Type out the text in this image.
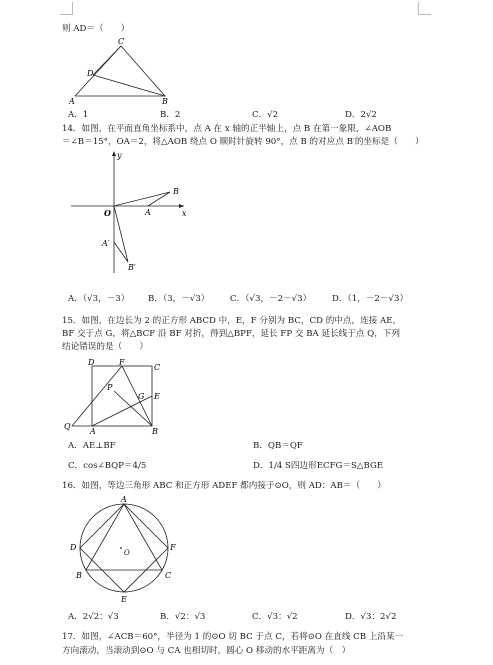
则 AD＝（　　）
C
D
A	B
A．1	B．2	C．√2	D．2√2
14．如图，在平面直角坐标系中，点 A 在 x 轴的正半轴上，点 B 在第一象限，∠AOB
＝∠B＝15°，OA＝2，将△AOB 绕点 O 顺时针旋转 90°，点 B 的对应点 B′的坐标是（　　）
y
x
O	A
B
A′
B′
A．（√3，－3） B．（3，－√3） C．（√3，－2－√3） D．（1，－2－√3）
15．如图，在边长为 2 的正方形 ABCD 中，E，F 分别为 BC，CD 的中点，连接 AE，
BF 交于点 G，将△BCF 沿 BF 对折，得到△BPF，延长 FP 交 BA 延长线于点 Q，下列
结论错误的是（　　）
D	F
C
P
E
G
Q
A	B
A．AE⊥BF	B．QB＝QF
C．cos∠BQP＝4/5	D．1/4 S四边形ECFG＝S△BGE
16．如图，等边三角形 ABC 和正方形 ADEF 都内接于⊙O，则 AD：AB＝（　　）
A
D	F
C
B
E
O
A．2√2：√3	B．√2：√3	C．√3：√2	D．√3：2√2
17．如图，∠ACB＝60°，半径为 1 的⊙O 切 BC 于点 C，若将⊙O 在直线 CB 上沿某一
方向滚动，当滚动到⊙O 与 CA 也相切时，圆心 O 移动的水平距离为（　）
